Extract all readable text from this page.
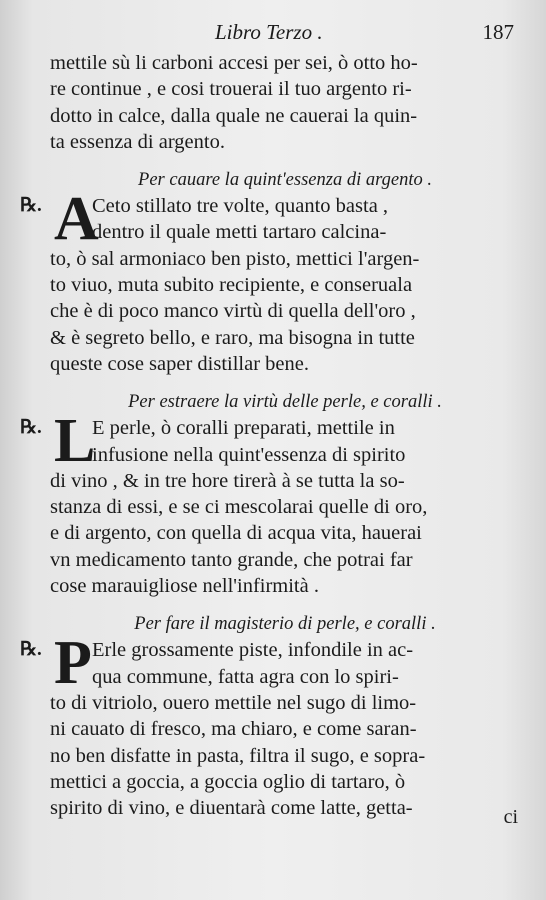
Libro Terzo .	187
mettile sù li carboni accesi per sei, ò otto ho-
re continue , e cosi trouerai il tuo argento ri-
dotto in calce, dalla quale ne cauerai la quin-
ta essenza di argento.
Per cauare la quint'essenza di argento .
℞. A
Ceto stillato tre volte, quanto basta ,
dentro il quale metti tartaro calcina-
to, ò sal armoniaco ben pisto, mettici l'argen-
to viuo, muta subito recipiente, e conseruala
che è di poco manco virtù di quella dell'oro ,
& è segreto bello, e raro, ma bisogna in tutte
queste cose saper distillar bene.
Per estraere la virtù delle perle, e coralli .
℞. L
E perle, ò coralli preparati, mettile in
infusione nella quint'essenza di spirito
di vino , & in tre hore tirerà à se tutta la so-
stanza di essi, e se ci mescolarai quelle di oro,
e di argento, con quella di acqua vita, hauerai
vn medicamento tanto grande, che potrai far
cose marauigliose nell'infirmità .
Per fare il magisterio di perle, e coralli .
℞. P Erle grossamente piste, infondile in ac-
qua commune, fatta agra con lo spiri-
to di vitriolo, ouero mettile nel sugo di limo-
ni cauato di fresco, ma chiaro, e come saran-
no ben disfatte in pasta, filtra il sugo, e sopra-
mettici a goccia, a goccia oglio di tartaro, ò
spirito di vino, e diuentarà come latte, getta-	ci
